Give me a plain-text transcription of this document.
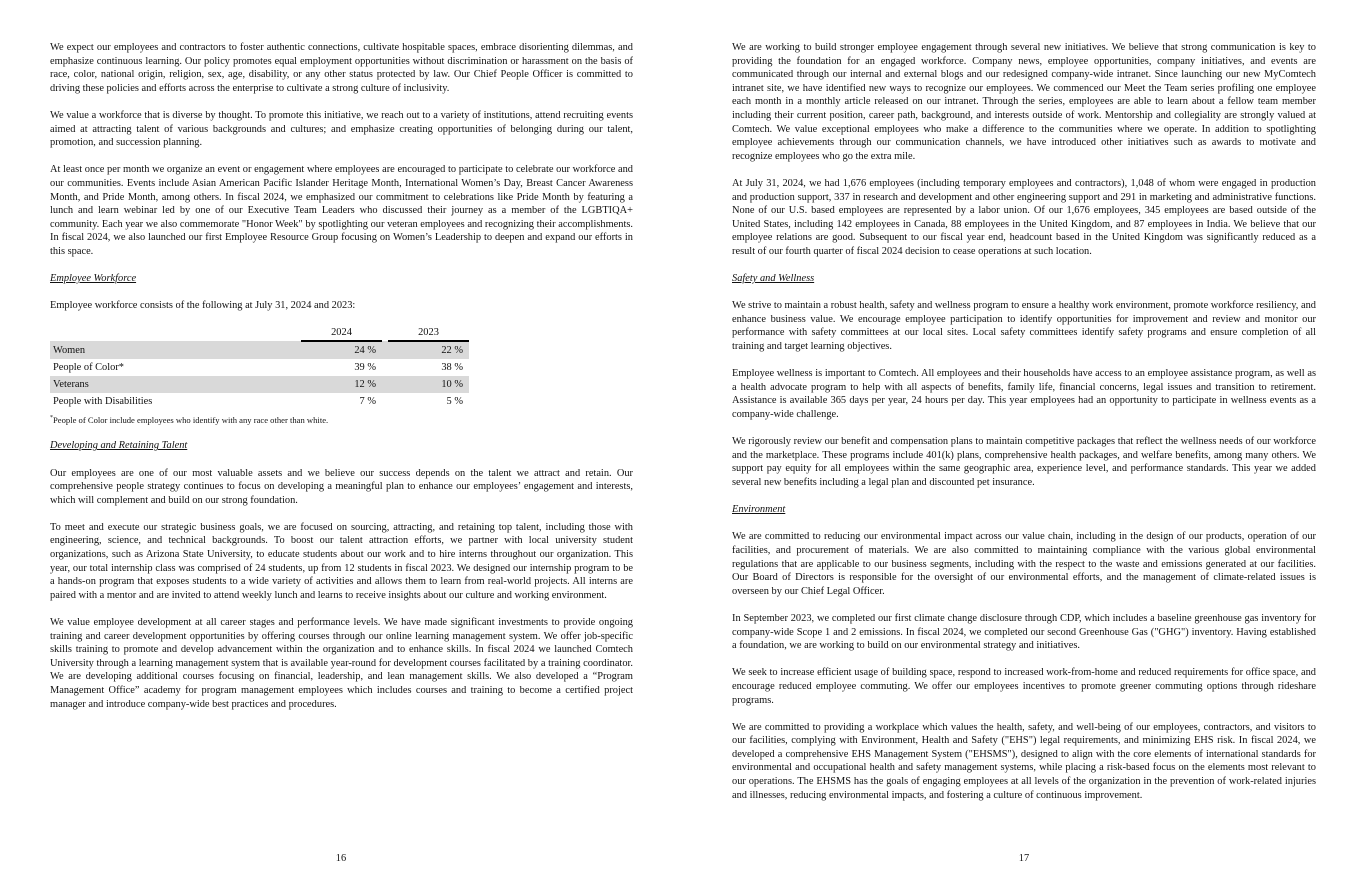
We expect our employees and contractors to foster authentic connections, cultivate hospitable spaces, embrace disorienting dilemmas, and emphasize continuous learning. Our policy promotes equal employment opportunities without discrimination or harassment on the basis of race, color, national origin, religion, sex, age, disability, or any other status protected by law. Our Chief People Officer is committed to driving these policies and efforts across the enterprise to cultivate a strong culture of inclusivity.

We value a workforce that is diverse by thought. To promote this initiative, we reach out to a variety of institutions, attend recruiting events aimed at attracting talent of various backgrounds and cultures; and emphasize creating opportunities of belonging during our talent, promotion, and succession planning.

At least once per month we organize an event or engagement where employees are encouraged to participate to celebrate our workforce and our communities. Events include Asian American Pacific Islander Heritage Month, International Women’s Day, Breast Cancer Awareness Month, and Pride Month, among others. In fiscal 2024, we emphasized our commitment to celebrations like Pride Month by featuring a lunch and learn webinar led by one of our Executive Team Leaders who discussed their journey as a member of the LGBTIQA+ community. Each year we also commemorate "Honor Week" by spotlighting our veteran employees and recognizing their accomplishments. In fiscal 2024, we also launched our first Employee Resource Group focusing on Women’s Leadership to deepen and expand our efforts in this space.

Employee Workforce

Employee workforce consists of the following at July 31, 2024 and 2023:

	2024		2023
Women	24 %		22 %
People of Color*	39 %		38 %
Veterans	12 %		10 %
People with Disabilities	7 %		5 %

*People of Color include employees who identify with any race other than white.

Developing and Retaining Talent

Our employees are one of our most valuable assets and we believe our success depends on the talent we attract and retain. Our comprehensive people strategy continues to focus on developing a meaningful plan to enhance our employees’ engagement and interests, which will complement and build on our strong foundation.

To meet and execute our strategic business goals, we are focused on sourcing, attracting, and retaining top talent, including those with engineering, science, and technical backgrounds. To boost our talent attraction efforts, we partner with local university student organizations, such as Arizona State University, to educate students about our work and to hire interns throughout our organization. This year, our total internship class was comprised of 24 students, up from 12 students in fiscal 2023. We designed our internship program to be a hands-on program that exposes students to a wide variety of activities and allows them to learn from real-world projects. All interns are paired with a mentor and are invited to attend weekly lunch and learns to receive insights about our culture and working environment.

We value employee development at all career stages and performance levels. We have made significant investments to provide ongoing training and career development opportunities by offering courses through our online learning management system. We offer job-specific skills training to promote and develop advancement within the organization and to enhance skills. In fiscal 2024 we launched Comtech University through a learning management system that is available year-round for development courses facilitated by a training coordinator. We are developing additional courses focusing on financial, leadership, and lean management skills. We also developed a “Program Management Office” academy for program management employees which includes courses and training to become a certified project manager and introduce company-wide best practices and procedures.

16

We are working to build stronger employee engagement through several new initiatives. We believe that strong communication is key to providing the foundation for an engaged workforce. Company news, employee opportunities, company initiatives, and events are communicated through our internal and external blogs and our redesigned company-wide intranet. Since launching our new MyComtech intranet site, we have identified new ways to recognize our employees. We commenced our Meet the Team series profiling one employee each month in a monthly article released on our intranet. Through the series, employees are able to learn about a fellow team member including their current position, career path, background, and interests outside of work. Mentorship and collegiality are strongly valued at Comtech. We value exceptional employees who make a difference to the communities where we operate. In addition to spotlighting employee achievements through our communication channels, we have introduced other initiatives such as awards to motivate and recognize employees who go the extra mile.

At July 31, 2024, we had 1,676 employees (including temporary employees and contractors), 1,048 of whom were engaged in production and production support, 337 in research and development and other engineering support and 291 in marketing and administrative functions. None of our U.S. based employees are represented by a labor union. Of our 1,676 employees, 345 employees are based outside of the United States, including 142 employees in Canada, 88 employees in the United Kingdom, and 87 employees in India. We believe that our employee relations are good. Subsequent to our fiscal year end, headcount based in the United Kingdom was significantly reduced as a result of our fourth quarter of fiscal 2024 decision to cease operations at such location.

Safety and Wellness

We strive to maintain a robust health, safety and wellness program to ensure a healthy work environment, promote workforce resiliency, and enhance business value. We encourage employee participation to identify opportunities for improvement and review and monitor our performance with safety committees at our local sites. Local safety committees identify safety programs and ensure completion of all training and target learning objectives.

Employee wellness is important to Comtech. All employees and their households have access to an employee assistance program, as well as a health advocate program to help with all aspects of benefits, family life, financial concerns, legal issues and transition to retirement. Assistance is available 365 days per year, 24 hours per day. This year employees had an opportunity to participate in wellness events as a company-wide challenge.

We rigorously review our benefit and compensation plans to maintain competitive packages that reflect the wellness needs of our workforce and the marketplace. These programs include 401(k) plans, comprehensive health packages, and welfare benefits, among many others. We support pay equity for all employees within the same geographic area, experience level, and performance standards. This year we added several new benefits including a legal plan and discounted pet insurance.

Environment

We are committed to reducing our environmental impact across our value chain, including in the design of our products, operation of our facilities, and procurement of materials. We are also committed to maintaining compliance with the various global environmental regulations that are applicable to our business segments, including with the respect to the waste and emissions generated at our facilities. Our Board of Directors is responsible for the oversight of our environmental efforts, and the management of climate-related issues is overseen by our Chief Legal Officer.

In September 2023, we completed our first climate change disclosure through CDP, which includes a baseline greenhouse gas inventory for company-wide Scope 1 and 2 emissions. In fiscal 2024, we completed our second Greenhouse Gas ("GHG") inventory. Having established a foundation, we are working to build on our environmental strategy and initiatives.

We seek to increase efficient usage of building space, respond to increased work-from-home and reduced requirements for office space, and encourage reduced employee commuting. We offer our employees incentives to promote greener commuting options through rideshare programs.

We are committed to providing a workplace which values the health, safety, and well-being of our employees, contractors, and visitors to our facilities, complying with Environment, Health and Safety ("EHS") legal requirements, and minimizing EHS risk. In fiscal 2024, we developed a comprehensive EHS Management System ("EHSMS"), designed to align with the core elements of international standards for environmental and occupational health and safety management systems, while placing a risk-based focus on the elements most relevant to our operations. The EHSMS has the goals of engaging employees at all levels of the organization in the prevention of work-related injuries and illnesses, reducing environmental impacts, and fostering a culture of continuous improvement.

17
